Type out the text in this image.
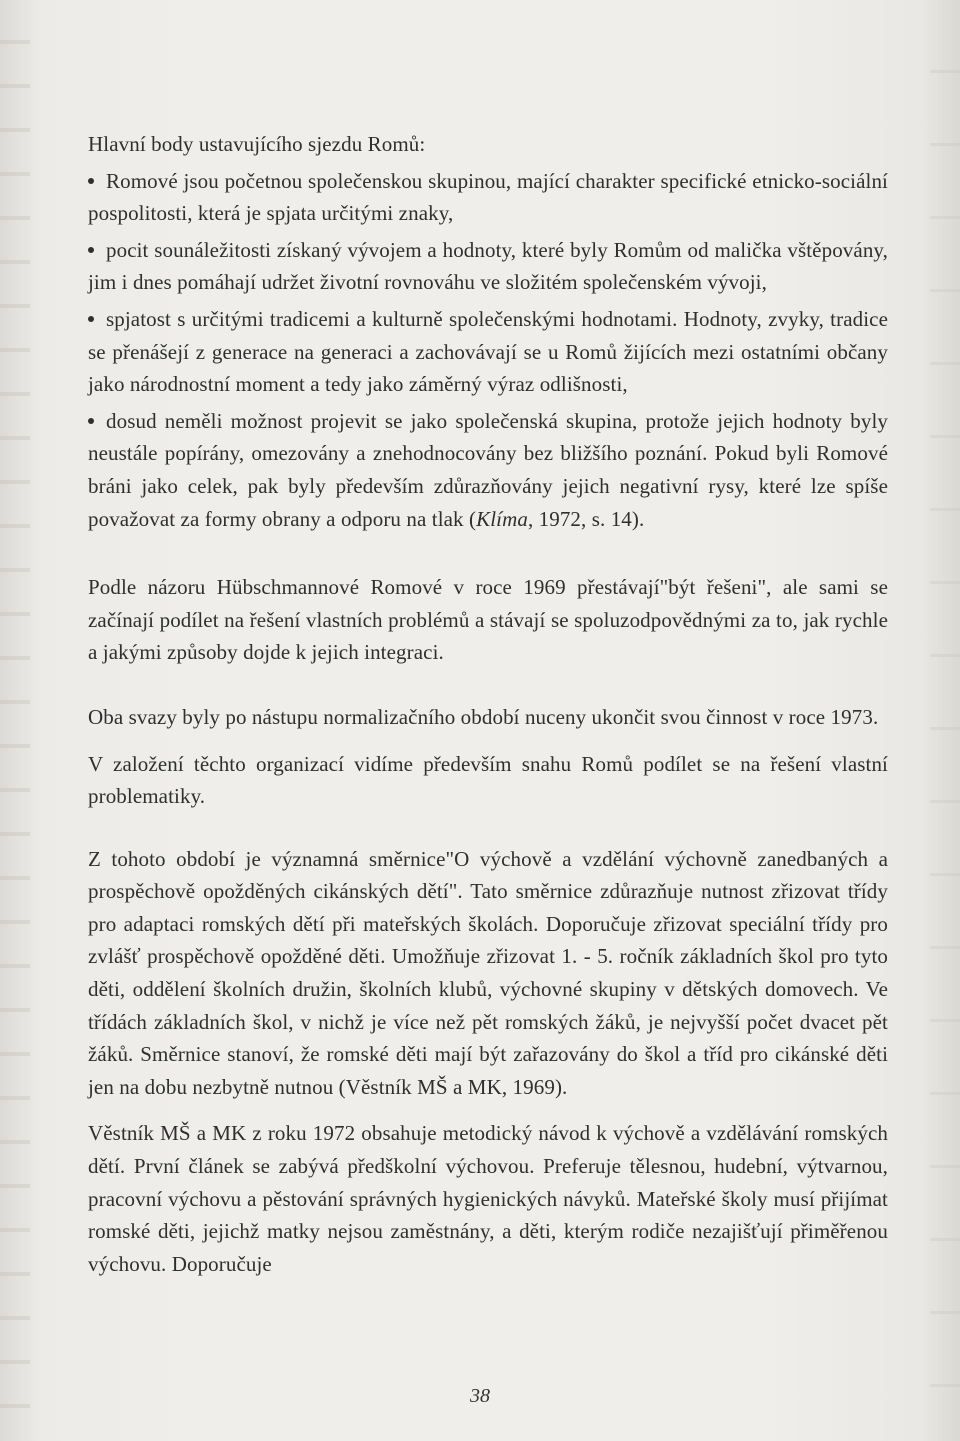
Hlavní body ustavujícího sjezdu Romů:
Romové jsou početnou společenskou skupinou, mající charakter specifické etnicko-sociální pospolitosti, která je spjata určitými znaky,
pocit sounáležitosti získaný vývojem a hodnoty, které byly Romům od malička vštěpovány, jim i dnes pomáhají udržet životní rovnováhu ve složitém společenském vývoji,
spjatost s určitými tradicemi a kulturně společenskými hodnotami. Hodnoty, zvyky, tradice se přenášejí z generace na generaci a zachovávají se u Romů žijících mezi ostatními občany jako národnostní moment a tedy jako záměrný výraz odlišnosti,
dosud neměli možnost projevit se jako společenská skupina, protože jejich hodnoty byly neustále popírány, omezovány a znehodnocovány bez bližšího poznání. Pokud byli Romové bráni jako celek, pak byly především zdůrazňovány jejich negativní rysy, které lze spíše považovat za formy obrany a odporu na tlak (Klíma, 1972, s. 14).

Podle názoru Hübschmannové Romové v roce 1969 přestávají"být řešeni", ale sami se začínají podílet na řešení vlastních problémů a stávají se spoluzodpovědnými za to, jak rychle a jakými způsoby dojde k jejich integraci.

Oba svazy byly po nástupu normalizačního období nuceny ukončit svou činnost v roce 1973.

V založení těchto organizací vidíme především snahu Romů podílet se na řešení vlastní problematiky.

Z tohoto období je významná směrnice"O výchově a vzdělání výchovně zanedbaných a prospěchově opožděných cikánských dětí". Tato směrnice zdůrazňuje nutnost zřizovat třídy pro adaptaci romských dětí při mateřských školách. Doporučuje zřizovat speciální třídy pro zvlášť prospěchově opožděné děti. Umožňuje zřizovat 1. - 5. ročník základních škol pro tyto děti, oddělení školních družin, školních klubů, výchovné skupiny v dětských domovech. Ve třídách základních škol, v nichž je více než pět romských žáků, je nejvyšší počet dvacet pět žáků. Směrnice stanoví, že romské děti mají být zařazovány do škol a tříd pro cikánské děti jen na dobu nezbytně nutnou (Věstník MŠ a MK, 1969).

Věstník MŠ a MK z roku 1972 obsahuje metodický návod k výchově a vzdělávání romských dětí. První článek se zabývá předškolní výchovou. Preferuje tělesnou, hudební, výtvarnou, pracovní výchovu a pěstování správných hygienických návyků. Mateřské školy musí přijímat romské děti, jejichž matky nejsou zaměstnány, a děti, kterým rodiče nezajišťují přiměřenou výchovu. Doporučuje

38
